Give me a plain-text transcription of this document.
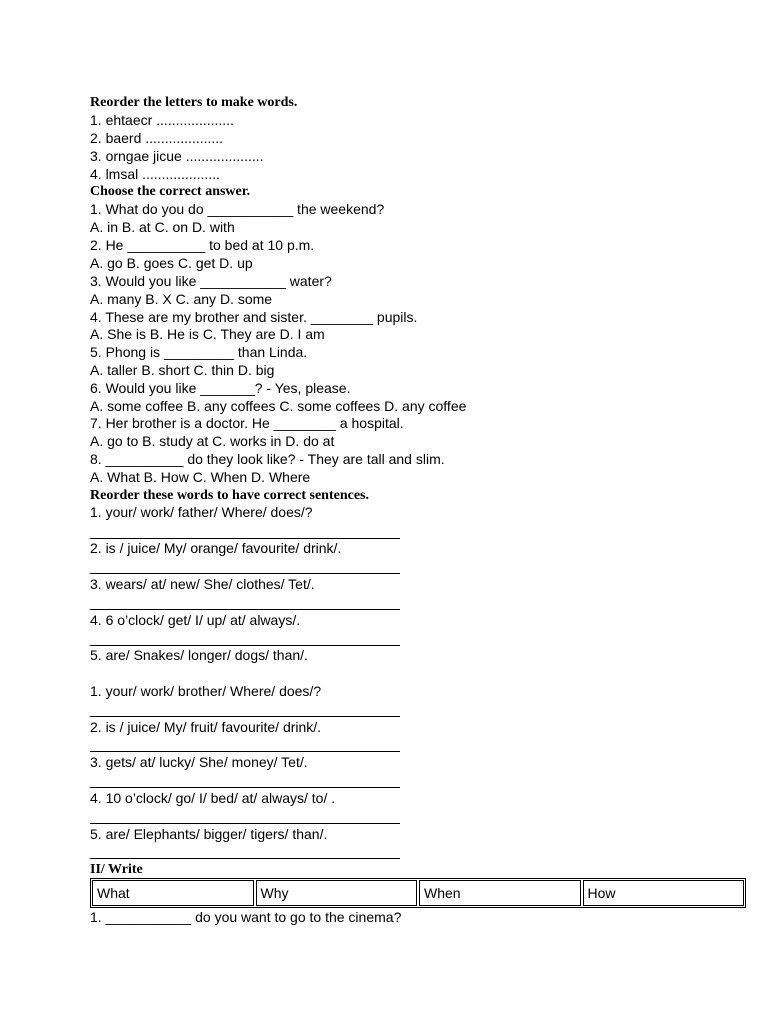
Reorder the letters to make words.
1. ehtaecr ....................
2. baerd ....................
3. orngae jicue ....................
4. lmsal ....................
Choose the correct answer.
1. What do you do ___________ the weekend?
A. in B. at C. on D. with
2. He __________ to bed at 10 p.m.
A. go B. goes C. get D. up
3. Would you like ___________ water?
A. many B. X C. any D. some
4. These are my brother and sister. ________ pupils.
A. She is B. He is C. They are D. I am
5. Phong is _________ than Linda.
A. taller B. short C. thin D. big
6. Would you like _______? - Yes, please.
A. some coffee B. any coffees C. some coffees D. any coffee
7. Her brother is a doctor. He ________ a hospital.
A. go to B. study at C. works in D. do at
8. __________ do they look like? - They are tall and slim.
A. What B. How C. When D. Where
Reorder these words to have correct sentences.
1. your/ work/ father/ Where/ does/?
2. is / juice/ My/ orange/ favourite/ drink/.
3. wears/ at/ new/ She/ clothes/ Tet/.
4. 6 o’clock/ get/ I/ up/ at/ always/.
5. are/ Snakes/ longer/ dogs/ than/.
1. your/ work/ brother/ Where/ does/?
2. is / juice/ My/ fruit/ favourite/ drink/.
3. gets/ at/ lucky/ She/ money/ Tet/.
4. 10 o’clock/ go/ I/ bed/ at/ always/ to/ .
5. are/ Elephants/ bigger/ tigers/ than/.
II/ Write
What	Why	When	How
1. ___________ do you want to go to the cinema?
